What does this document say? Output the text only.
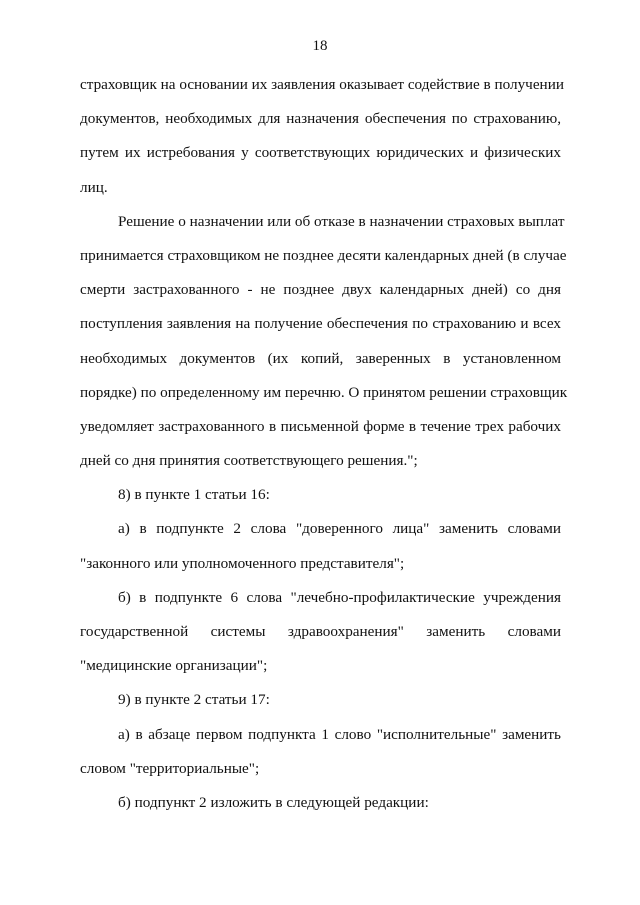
18
страховщик на основании их заявления оказывает содействие в получении
документов, необходимых для назначения обеспечения по страхованию,
путем их истребования у соответствующих юридических и физических
лиц.
Решение о назначении или об отказе в назначении страховых выплат
принимается страховщиком не позднее десяти календарных дней (в случае
смерти застрахованного - не позднее двух календарных дней) со дня
поступления заявления на получение обеспечения по страхованию и всех
необходимых документов (их копий, заверенных в установленном
порядке) по определенному им перечню. О принятом решении страховщик
уведомляет застрахованного в письменной форме в течение трех рабочих
дней со дня принятия соответствующего решения.";
8) в пункте 1 статьи 16:
а) в подпункте 2 слова "доверенного лица" заменить словами
"законного или уполномоченного представителя";
б) в подпункте 6 слова "лечебно-профилактические учреждения
государственной системы здравоохранения" заменить словами
"медицинские организации";
9) в пункте 2 статьи 17:
а) в абзаце первом подпункта 1 слово "исполнительные" заменить
словом "территориальные";
б) подпункт 2 изложить в следующей редакции:
